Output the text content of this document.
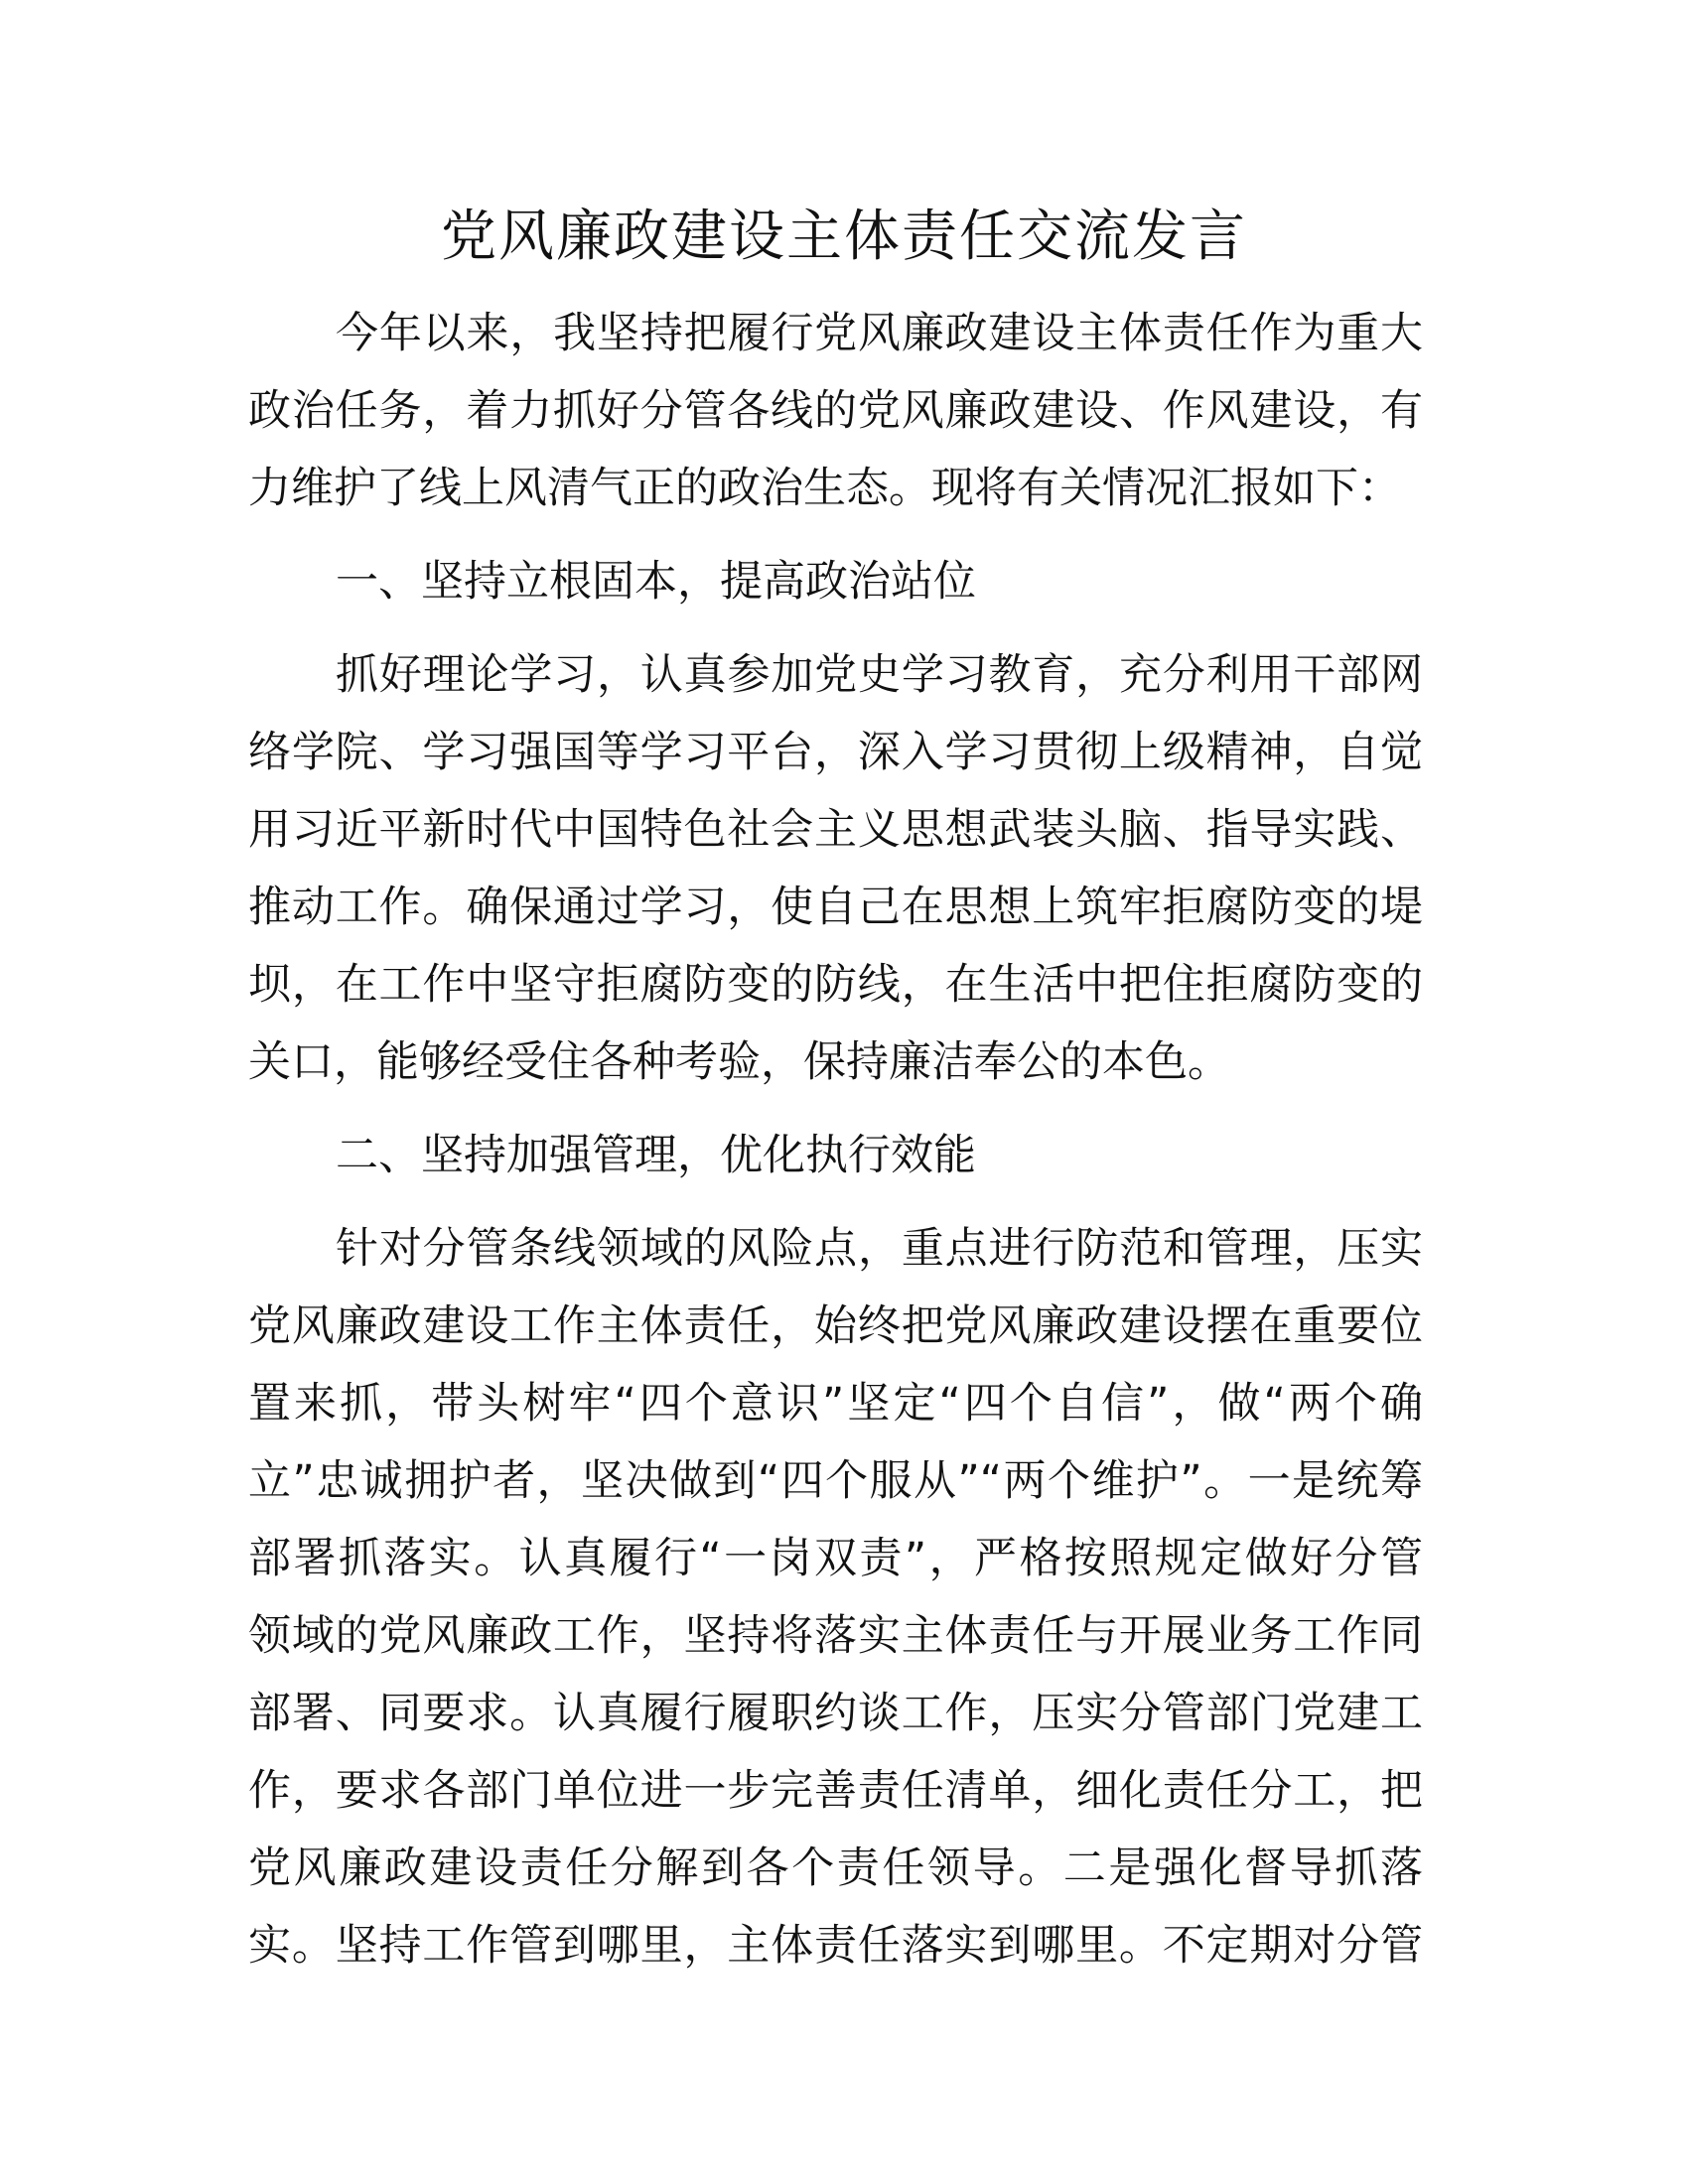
党风廉政建设主体责任交流发言
今年以来，我坚持把履行党风廉政建设主体责任作为重大
政治任务，着力抓好分管各线的党风廉政建设、作风建设，有
力维护了线上风清气正的政治生态。现将有关情况汇报如下：
一、坚持立根固本，提高政治站位
抓好理论学习，认真参加党史学习教育，充分利用干部网
络学院、学习强国等学习平台，深入学习贯彻上级精神，自觉
用习近平新时代中国特色社会主义思想武装头脑、指导实践、
推动工作。确保通过学习，使自己在思想上筑牢拒腐防变的堤
坝，在工作中坚守拒腐防变的防线，在生活中把住拒腐防变的
关口，能够经受住各种考验，保持廉洁奉公的本色。
二、坚持加强管理，优化执行效能
针对分管条线领域的风险点，重点进行防范和管理，压实
党风廉政建设工作主体责任，始终把党风廉政建设摆在重要位
置来抓，带头树牢“四个意识”坚定“四个自信”，做“两个确
立”忠诚拥护者，坚决做到“四个服从”“两个维护”。一是统筹
部署抓落实。认真履行“一岗双责”，严格按照规定做好分管
领域的党风廉政工作，坚持将落实主体责任与开展业务工作同
部署、同要求。认真履行履职约谈工作，压实分管部门党建工
作，要求各部门单位进一步完善责任清单，细化责任分工，把
党风廉政建设责任分解到各个责任领导。二是强化督导抓落
实。坚持工作管到哪里，主体责任落实到哪里。不定期对分管
